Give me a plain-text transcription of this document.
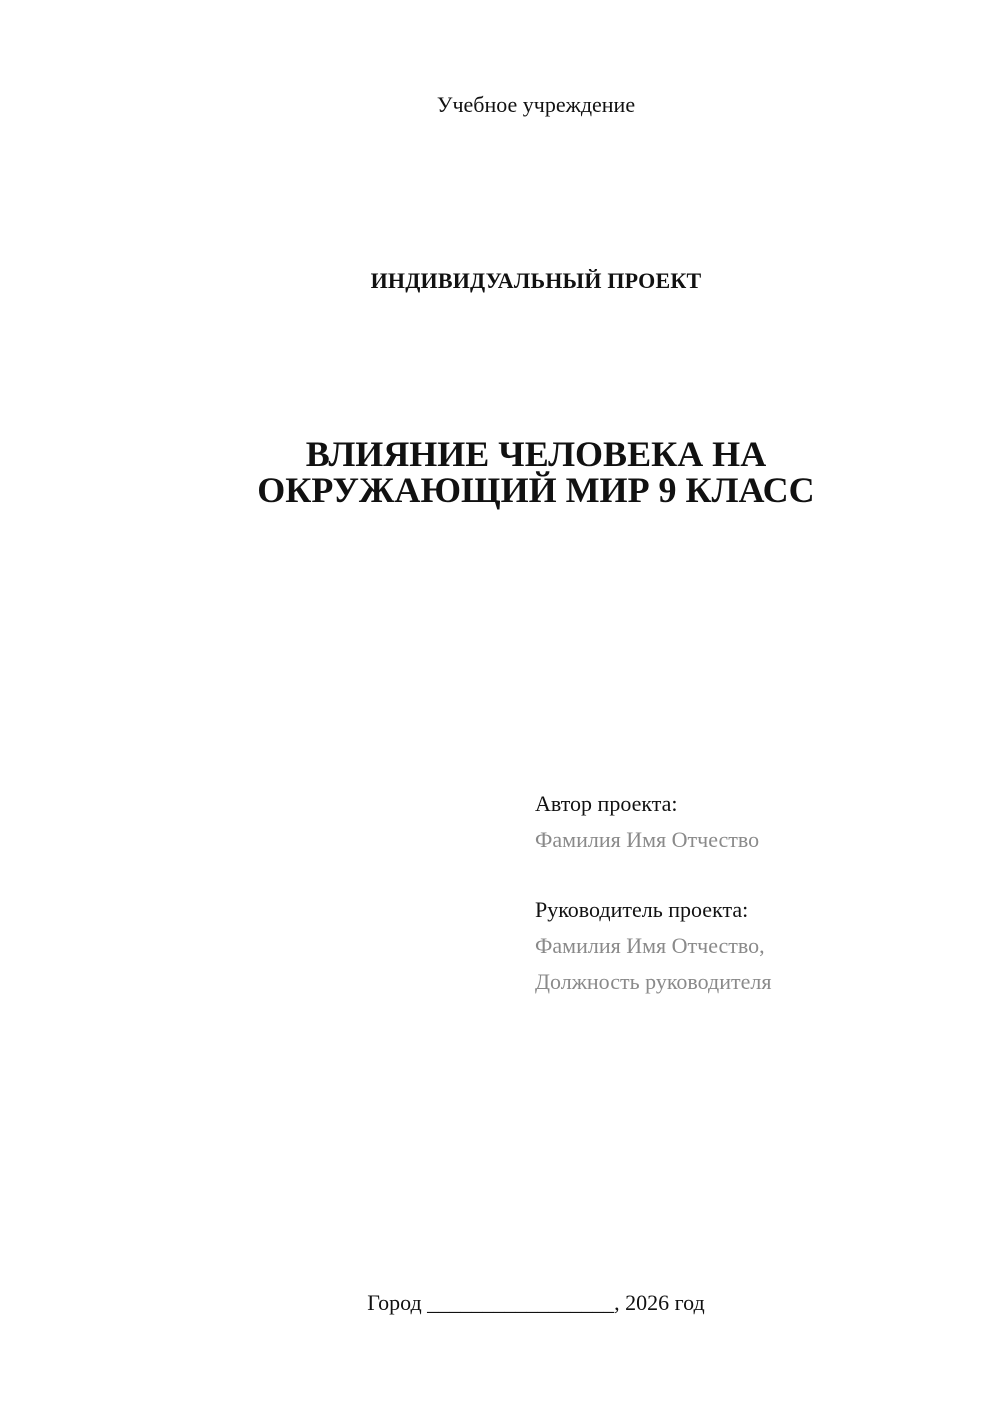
Учебное учреждение
ИНДИВИДУАЛЬНЫЙ ПРОЕКТ
ВЛИЯНИЕ ЧЕЛОВЕКА НА
ОКРУЖАЮЩИЙ МИР 9 КЛАСС
Автор проекта:
Фамилия Имя Отчество
Руководитель проекта:
Фамилия Имя Отчество,
Должность руководителя
Город _________________, 2026 год
